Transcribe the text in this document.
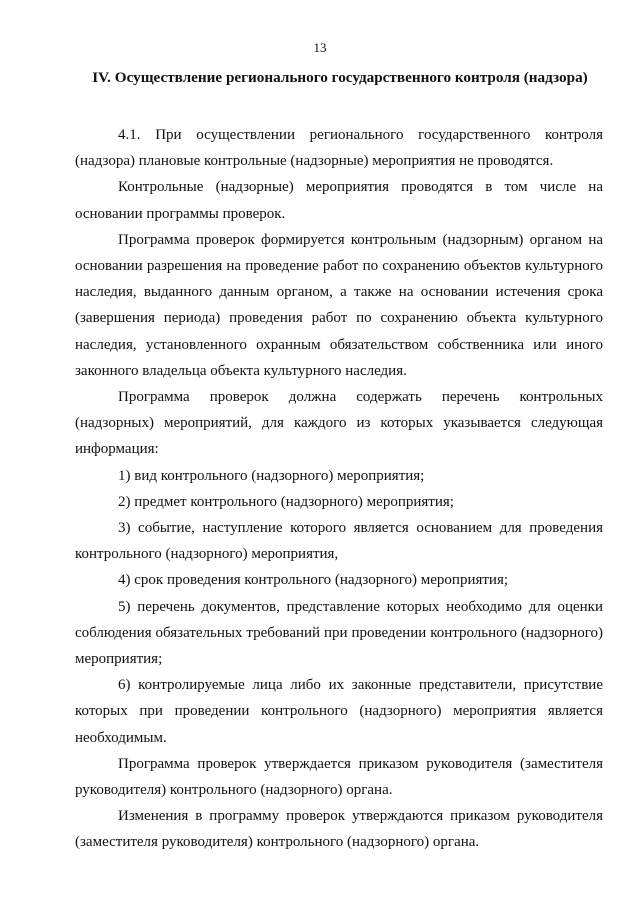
13
IV. Осуществление регионального государственного контроля (надзора)

4.1. При осуществлении регионального государственного контроля (надзора) плановые контрольные (надзорные) мероприятия не проводятся.

Контрольные (надзорные) мероприятия проводятся в том числе на основании программы проверок.

Программа проверок формируется контрольным (надзорным) органом на основании разрешения на проведение работ по сохранению объектов культурного наследия, выданного данным органом, а также на основании истечения срока (завершения периода) проведения работ по сохранению объекта культурного наследия, установленного охранным обязательством собственника или иного законного владельца объекта культурного наследия.

Программа проверок должна содержать перечень контрольных (надзорных) мероприятий, для каждого из которых указывается следующая информация:

1) вид контрольного (надзорного) мероприятия;

2) предмет контрольного (надзорного) мероприятия;

3) событие, наступление которого является основанием для проведения контрольного (надзорного) мероприятия,

4) срок проведения контрольного (надзорного) мероприятия;

5) перечень документов, представление которых необходимо для оценки соблюдения обязательных требований при проведении контрольного (надзорного) мероприятия;

6) контролируемые лица либо их законные представители, присутствие которых при проведении контрольного (надзорного) мероприятия является необходимым.

Программа проверок утверждается приказом руководителя (заместителя руководителя) контрольного (надзорного) органа.

Изменения в программу проверок утверждаются приказом руководителя (заместителя руководителя) контрольного (надзорного) органа.
